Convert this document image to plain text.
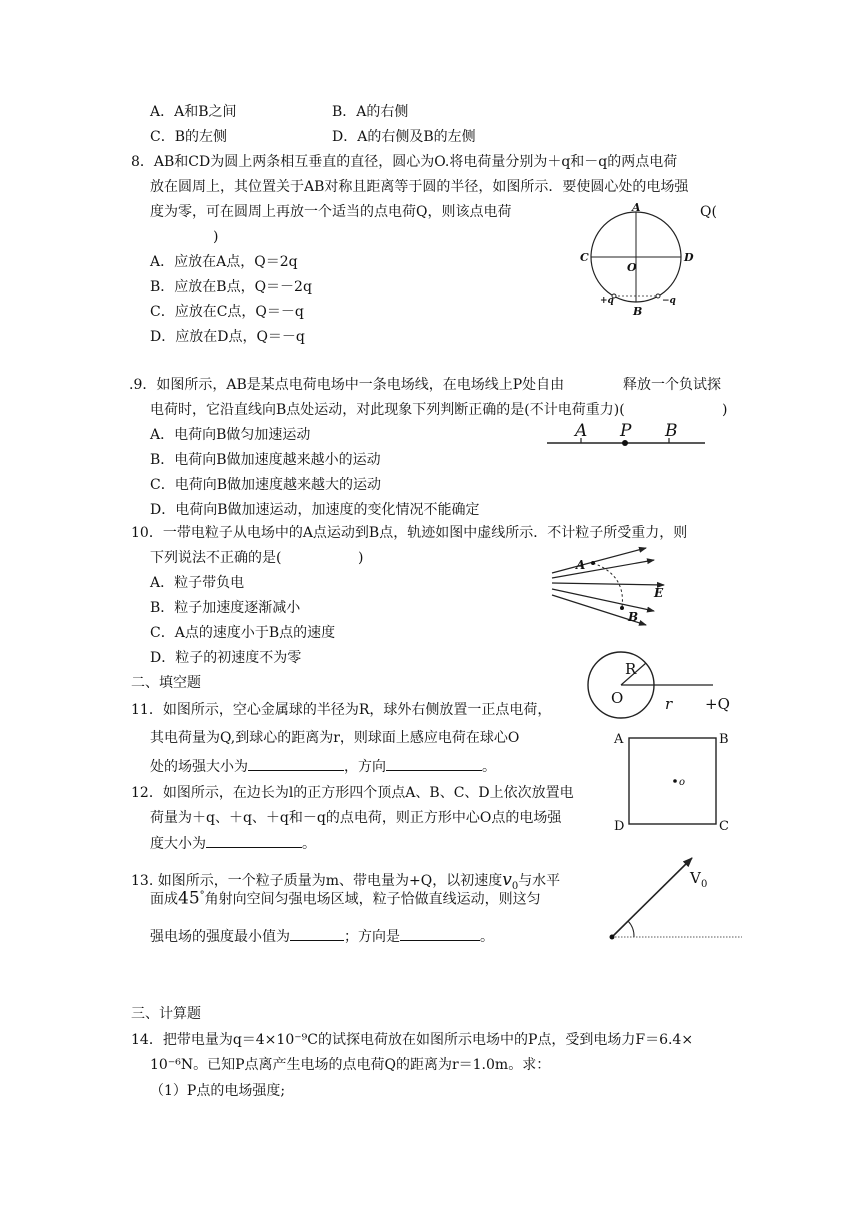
A．A和B之间	B．A的右侧
C．B的左侧	D．A的右侧及B的左侧
8．AB和CD为圆上两条相互垂直的直径，圆心为O.将电荷量分别为＋q和－q的两点电荷
放在圆周上，其位置关于AB对称且距离等于圆的半径，如图所示．要使圆心处的电场强
度为零，可在圆周上再放一个适当的点电荷Q，则该点电荷	Q(
)
A．应放在A点，Q＝2q
B．应放在B点，Q＝－2q
C．应放在C点，Q＝－q
D．应放在D点，Q＝－q
A
B
C	D
O
+q	−q
.9．如图所示，AB是某点电荷电场中一条电场线，在电场线上P处自由	释放一个负试探
电荷时，它沿直线向B点处运动，对此现象下列判断正确的是(不计电荷重力)(	)
A．电荷向B做匀加速运动
B．电荷向B做加速度越来越小的运动
C．电荷向B做加速度越来越大的运动
D．电荷向B做加速运动，加速度的变化情况不能确定
A P B
10．一带电粒子从电场中的A点运动到B点，轨迹如图中虚线所示．不计粒子所受重力，则
下列说法不正确的是(	)
A．粒子带负电
B．粒子加速度逐渐减小
C．A点的速度小于B点的速度
D．粒子的初速度不为零
A
B
E
二、填空题
11．如图所示，空心金属球的半径为R，球外右侧放置一正点电荷，
其电荷量为Q,到球心的距离为r，则球面上感应电荷在球心O
处的场强大小为	，方向	。
R
O	r +Q
12．如图所示，在边长为l的正方形四个顶点A、B、C、D上依次放置电
荷量为＋q、＋q、＋q和－q的点电荷，则正方形中心O点的电场强
度大小为	。
A	B
C
D
o
13. 如图所示，一个粒子质量为m、带电量为+Q，以初速度$v_0$与水平
面成45°角射向空间匀强电场区域，粒子恰做直线运动，则这匀
强电场的强度最小值为	；方向是	。
V 0
三、计算题
14．把带电量为q＝4×10⁻⁹C的试探电荷放在如图所示电场中的P点，受到电场力F＝6.4×
10⁻⁶N。已知P点离产生电场的点电荷Q的距离为r＝1.0m。求：
（1）P点的电场强度;
